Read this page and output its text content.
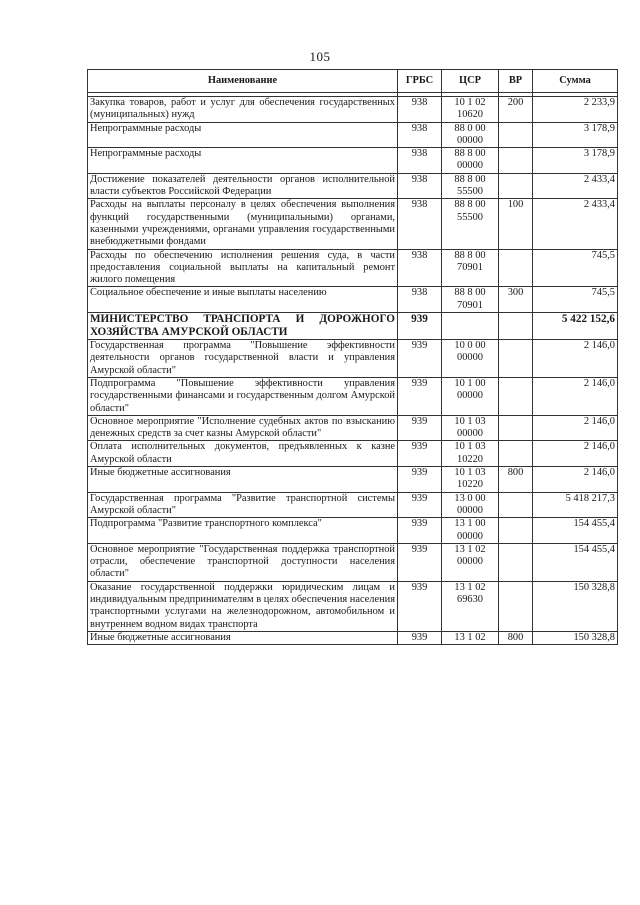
105
Наименование	ГРБС	ЦСР	ВР	Сумма

Закупка товаров, работ и услуг для обеспечения государственных (муниципальных) нужд	938	10 1 02 10620	200	2 233,9
Непрограммные расходы	938	88 0 00 00000		3 178,9
Непрограммные расходы	938	88 8 00 00000		3 178,9
Достижение показателей деятельности органов исполнительной власти субъектов Российской Федерации	938	88 8 00 55500		2 433,4
Расходы на выплаты персоналу в целях обеспечения выполнения функций государственными (муниципальными) органами, казенными учреждениями, органами управления государственными внебюджетными фондами	938	88 8 00 55500	100	2 433,4
Расходы по обеспечению исполнения решения суда, в части предоставления социальной выплаты на капитальный ремонт жилого помещения	938	88 8 00 70901		745,5
Социальное обеспечение и иные выплаты населению	938	88 8 00 70901	300	745,5
МИНИСТЕРСТВО ТРАНСПОРТА И ДОРОЖНОГО ХОЗЯЙСТВА АМУРСКОЙ ОБЛАСТИ	939			5 422 152,6
Государственная программа "Повышение эффективности деятельности органов государственной власти и управления Амурской области"	939	10 0 00 00000		2 146,0
Подпрограмма "Повышение эффективности управления государственными финансами и государственным долгом Амурской области"	939	10 1 00 00000		2 146,0
Основное мероприятие "Исполнение судебных актов по взысканию денежных средств за счет казны Амурской области"	939	10 1 03 00000		2 146,0
Оплата исполнительных документов, предъявленных к казне Амурской области	939	10 1 03 10220		2 146,0
Иные бюджетные ассигнования	939	10 1 03 10220	800	2 146,0
Государственная программа "Развитие транспортной системы Амурской области"	939	13 0 00 00000		5 418 217,3
Подпрограмма "Развитие транспортного комплекса"	939	13 1 00 00000		154 455,4
Основное мероприятие "Государственная поддержка транспортной отрасли, обеспечение транспортной доступности населения области"	939	13 1 02 00000		154 455,4
Оказание государственной поддержки юридическим лицам и индивидуальным предпринимателям в целях обеспечения населения транспортными услугами на железнодорожном, автомобильном и внутреннем водном видах транспорта	939	13 1 02 69630		150 328,8
Иные бюджетные ассигнования	939	13 1 02	800	150 328,8
